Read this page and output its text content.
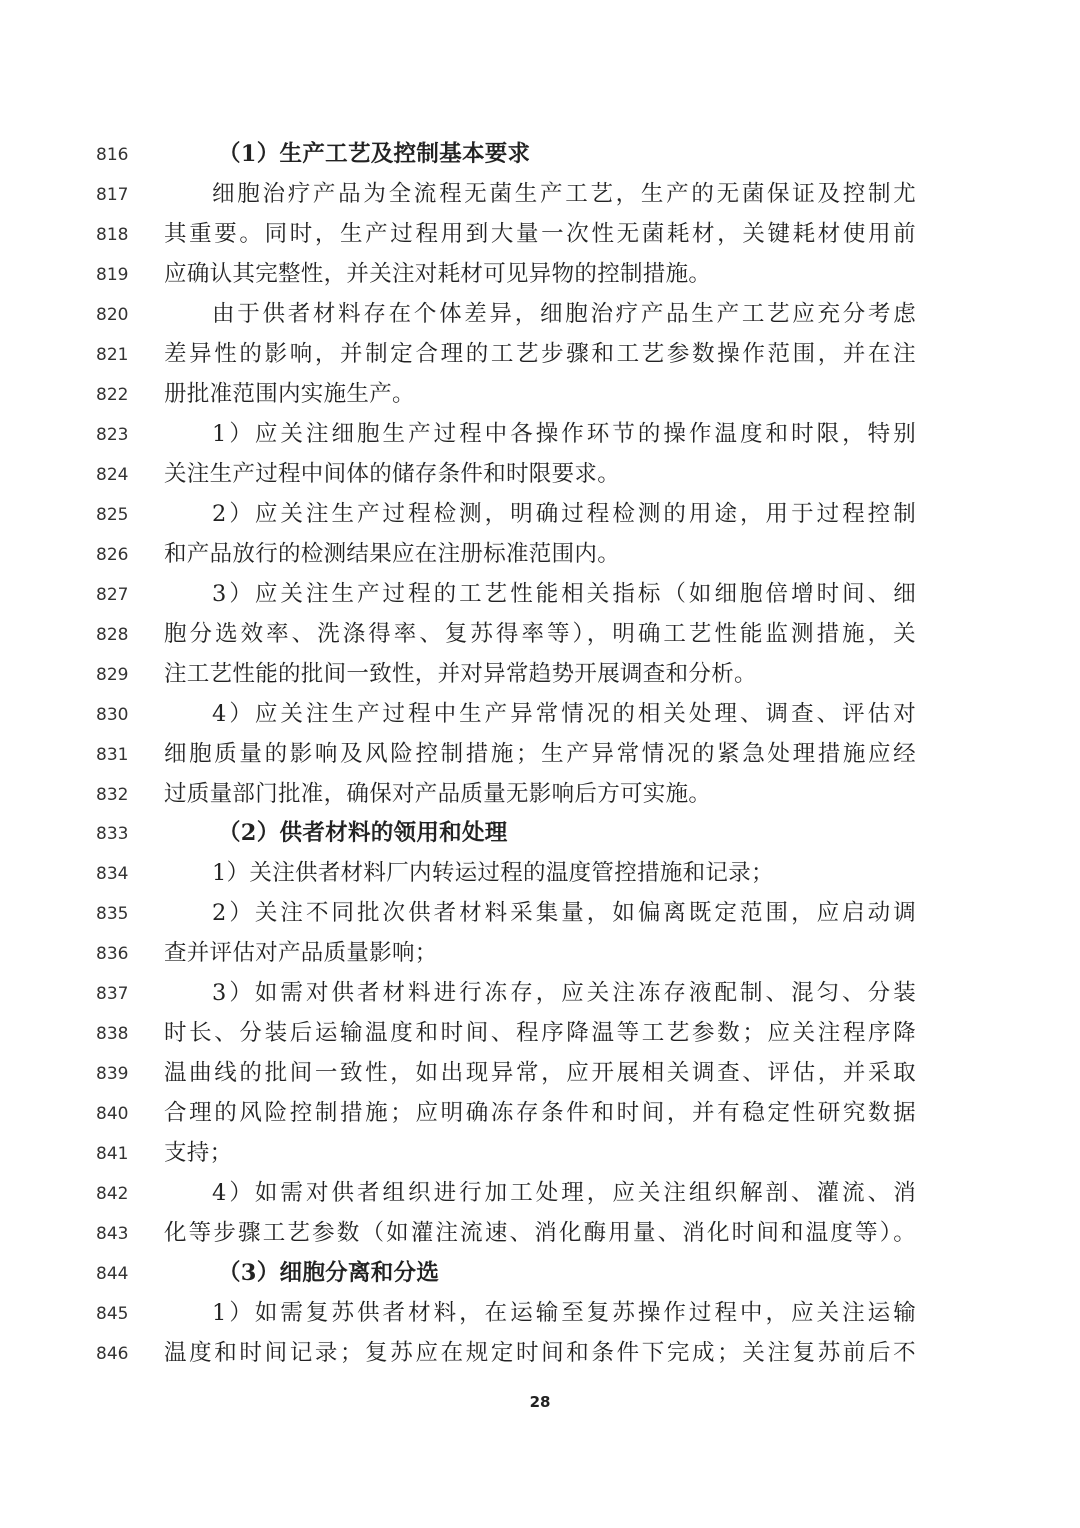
816	（1）生产工艺及控制基本要求
817	细胞治疗产品为全流程无菌生产工艺，生产的无菌保证及控制尤
818	其重要。同时，生产过程用到大量一次性无菌耗材，关键耗材使用前
819	应确认其完整性，并关注对耗材可见异物的控制措施。
820	由于供者材料存在个体差异，细胞治疗产品生产工艺应充分考虑
821	差异性的影响，并制定合理的工艺步骤和工艺参数操作范围，并在注
822	册批准范围内实施生产。
823	1）应关注细胞生产过程中各操作环节的操作温度和时限，特别
824	关注生产过程中间体的储存条件和时限要求。
825	2）应关注生产过程检测，明确过程检测的用途，用于过程控制
826	和产品放行的检测结果应在注册标准范围内。
827	3）应关注生产过程的工艺性能相关指标（如细胞倍增时间、细
828	胞分选效率、洗涤得率、复苏得率等），明确工艺性能监测措施，关
829	注工艺性能的批间一致性，并对异常趋势开展调查和分析。
830	4）应关注生产过程中生产异常情况的相关处理、调查、评估对
831	细胞质量的影响及风险控制措施；生产异常情况的紧急处理措施应经
832	过质量部门批准，确保对产品质量无影响后方可实施。
833	（2）供者材料的领用和处理
834	1）关注供者材料厂内转运过程的温度管控措施和记录；
835	2）关注不同批次供者材料采集量，如偏离既定范围，应启动调
836	查并评估对产品质量影响；
837	3）如需对供者材料进行冻存，应关注冻存液配制、混匀、分装
838	时长、分装后运输温度和时间、程序降温等工艺参数；应关注程序降
839	温曲线的批间一致性，如出现异常，应开展相关调查、评估，并采取
840	合理的风险控制措施；应明确冻存条件和时间，并有稳定性研究数据
841	支持；
842	4）如需对供者组织进行加工处理，应关注组织解剖、灌流、消
843	化等步骤工艺参数（如灌注流速、消化酶用量、消化时间和温度等）。
844	（3）细胞分离和分选
845	1）如需复苏供者材料，在运输至复苏操作过程中，应关注运输
846	温度和时间记录；复苏应在规定时间和条件下完成；关注复苏前后不
28
